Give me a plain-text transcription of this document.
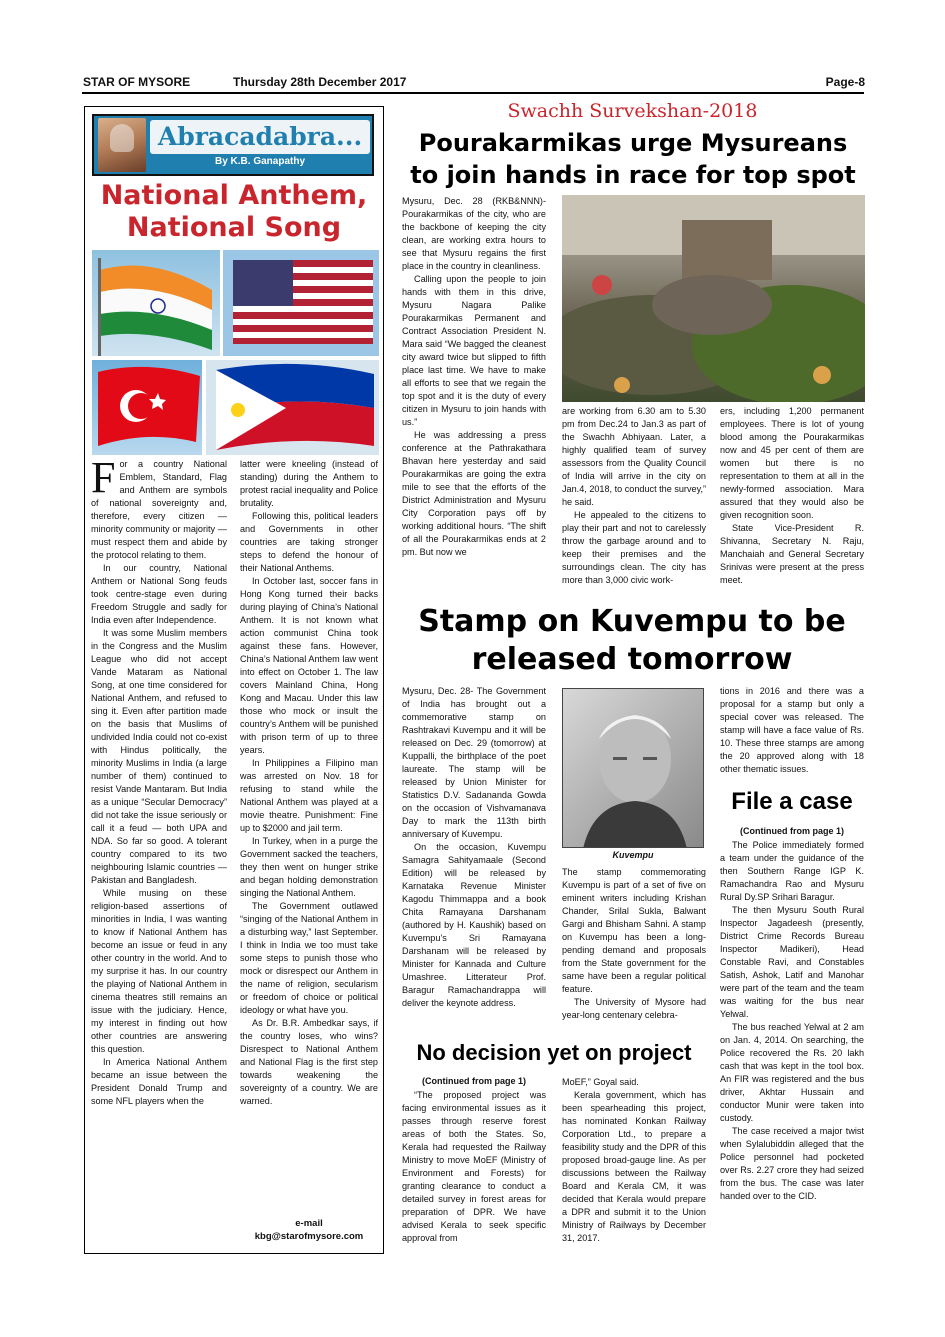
STAR OF MYSORE	Thursday 28th December 2017	Page-8
Abracadabra...
By K.B. Ganapathy
National Anthem,
National Song
F or a country National Emblem, Standard, Flag and Anthem are symbols of national sovereignty and, therefore, every citizen — minority community or majority — must respect them and abide by the protocol relating to them.

In our country, National Anthem or National Song feuds took centre-stage even during Freedom Struggle and sadly for India even after Independence.

It was some Muslim members in the Congress and the Muslim League who did not accept Vande Mataram as National Song, at one time considered for National Anthem, and refused to sing it. Even after partition made on the basis that Muslims of undivided India could not co-exist with Hindus politically, the minority Muslims in India (a large number of them) continued to resist Vande Mantaram. But India as a unique “Secular Democracy” did not take the issue seriously or call it a feud — both UPA and NDA. So far so good. A tolerant country compared to its two neighbouring Islamic countries — Pakistan and Bangladesh.

While musing on these religion-based assertions of minorities in India, I was wanting to know if National Anthem has become an issue or feud in any other country in the world. And to my surprise it has. In our country the playing of National Anthem in cinema theatres still remains an issue with the judiciary. Hence, my interest in finding out how other countries are answering this question.

In America National Anthem became an issue between the President Donald Trump and some NFL players when the

latter were kneeling (instead of standing) during the Anthem to protest racial inequality and Police brutality.

Following this, political leaders and Governments in other countries are taking stronger steps to defend the honour of their National Anthems.

In October last, soccer fans in Hong Kong turned their backs during playing of China’s National Anthem. It is not known what action communist China took against these fans. However, China’s National Anthem law went into effect on October 1. The law covers Mainland China, Hong Kong and Macau. Under this law those who mock or insult the country’s Anthem will be punished with prison term of up to three years.

In Philippines a Filipino man was arrested on Nov. 18 for refusing to stand while the National Anthem was played at a movie theatre. Punishment: Fine up to $2000 and jail term.

In Turkey, when in a purge the Government sacked the teachers, they then went on hunger strike and began holding demonstration singing the National Anthem.

The Government outlawed “singing of the National Anthem in a disturbing way,” last September. I think in India we too must take some steps to punish those who mock or disrespect our Anthem in the name of religion, secularism or freedom of choice or political ideology or what have you.

As Dr. B.R. Ambedkar says, if the country loses, who wins? Disrespect to National Anthem and National Flag is the first step towards weakening the sovereignty of a country. We are warned.

e-mail
kbg@starofmysore.com
Swachh Survekshan-2018
Pourakarmikas urge Mysureans
to join hands in race for top spot

Mysuru, Dec. 28 (RKB&NNN)- Pourakarmikas of the city, who are the backbone of keeping the city clean, are working extra hours to see that Mysuru regains the first place in the country in cleanliness.

Calling upon the people to join hands with them in this drive, Mysuru Nagara Palike Pourakarmikas Permanent and Contract Association President N. Mara said “We bagged the cleanest city award twice but slipped to fifth place last time. We have to make all efforts to see that we regain the top spot and it is the duty of every citizen in Mysuru to join hands with us.”

He was addressing a press conference at the Pathrakathara Bhavan here yesterday and said Pourakarmikas are going the extra mile to see that the efforts of the District Administration and Mysuru City Corporation pays off by working additional hours. “The shift of all the Pourakarmikas ends at 2 pm. But now we

are working from 6.30 am to 5.30 pm from Dec.24 to Jan.3 as part of the Swachh Abhiyaan. Later, a highly qualified team of survey assessors from the Quality Council of India will arrive in the city on Jan.4, 2018, to conduct the survey,” he said.

He appealed to the citizens to play their part and not to carelessly throw the garbage around and to keep their premises and the surroundings clean. The city has more than 3,000 civic work-

ers, including 1,200 permanent employees. There is lot of young blood among the Pourakarmikas now and 45 per cent of them are women but there is no representation to them at all in the newly-formed association. Mara assured that they would also be given recognition soon.

State Vice-President R. Shivanna, Secretary N. Raju, Manchaiah and General Secretary Srinivas were present at the press meet.

Stamp on Kuvempu to be
released tomorrow

Mysuru, Dec. 28- The Government of India has brought out a commemorative stamp on Rashtrakavi Kuvempu and it will be released on Dec. 29 (tomorrow) at Kuppalli, the birthplace of the poet laureate. The stamp will be released by Union Minister for Statistics D.V. Sadananda Gowda on the occasion of Vishvamanava Day to mark the 113th birth anniversary of Kuvempu.

On the occasion, Kuvempu Samagra Sahityamaale (Second Edition) will be released by Karnataka Revenue Minister Kagodu Thimmappa and a book Chita Ramayana Darshanam (authored by H. Kaushik) based on Kuvempu’s Sri Ramayana Darshanam will be released by Minister for Kannada and Culture Umashree. Litterateur Prof. Baragur Ramachandrappa will deliver the keynote address.

Kuvempu

The stamp commemorating Kuvempu is part of a set of five on eminent writers including Krishan Chander, Srilal Sukla, Balwant Gargi and Bhisham Sahni. A stamp on Kuvempu has been a long-pending demand and proposals from the State government for the same have been a regular political feature.

The University of Mysore had year-long centenary celebra-

tions in 2016 and there was a proposal for a stamp but only a special cover was released. The stamp will have a face value of Rs. 10. These three stamps are among the 20 approved along with 18 other thematic issues.

File a case
(Continued from page 1)

The Police immediately formed a team under the guidance of the then Southern Range IGP K. Ramachandra Rao and Mysuru Rural Dy.SP Srihari Baragur.

The then Mysuru South Rural Inspector Jagadeesh (presently, District Crime Records Bureau Inspector Madikeri), Head Constable Ravi, and Constables Satish, Ashok, Latif and Manohar were part of the team and the team was waiting for the bus near Yelwal.

The bus reached Yelwal at 2 am on Jan. 4, 2014. On searching, the Police recovered the Rs. 20 lakh cash that was kept in the tool box. An FIR was registered and the bus driver, Akhtar Hussain and conductor Munir were taken into custody.

The case received a major twist when Sylalubiddin alleged that the Police personnel had pocketed over Rs. 2.27 crore they had seized from the bus. The case was later handed over to the CID.

No decision yet on project
(Continued from page 1)

“The proposed project was facing environmental issues as it passes through reserve forest areas of both the States. So, Kerala had requested the Railway Ministry to move MoEF (Ministry of Environment and Forests) for granting clearance to conduct a detailed survey in forest areas for preparation of DPR. We have advised Kerala to seek specific approval from

MoEF,” Goyal said.

Kerala government, which has been spearheading this project, has nominated Konkan Railway Corporation Ltd., to prepare a feasibility study and the DPR of this proposed broad-gauge line. As per discussions between the Railway Board and Kerala CM, it was decided that Kerala would prepare a DPR and submit it to the Union Ministry of Railways by December 31, 2017.
